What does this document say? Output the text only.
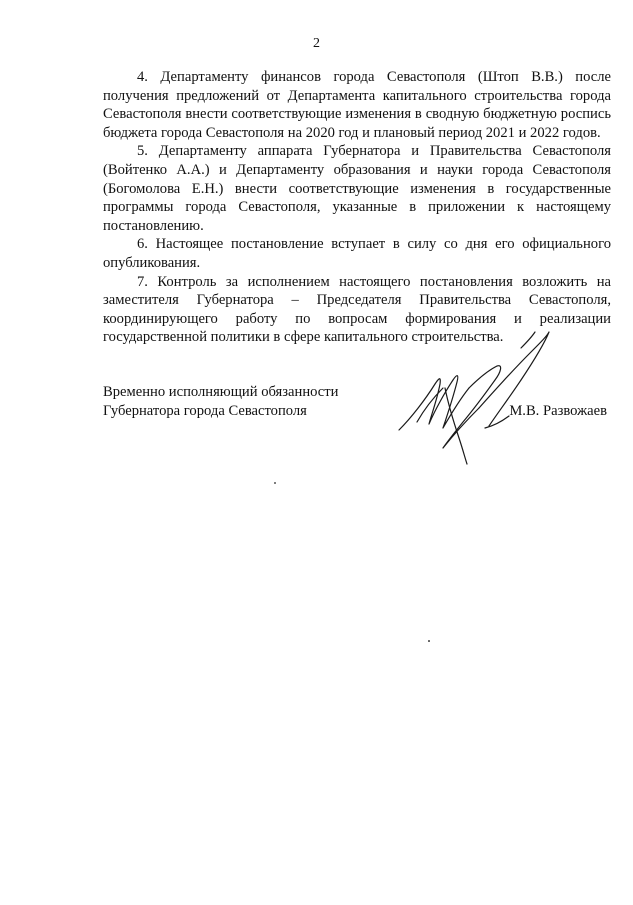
2

4. Департаменту финансов города Севастополя (Штоп В.В.) после получения предложений от Департамента капитального строительства города Севастополя внести соответствующие изменения в сводную бюджетную роспись бюджета города Севастополя на 2020 год и плановый период 2021 и 2022 годов.

5. Департаменту аппарата Губернатора и Правительства Севастополя (Войтенко А.А.) и Департаменту образования и науки города Севастополя (Богомолова Е.Н.) внести соответствующие изменения в государственные программы города Севастополя, указанные в приложении к настоящему постановлению.

6. Настоящее постановление вступает в силу со дня его официального опубликования.

7. Контроль за исполнением настоящего постановления возложить на заместителя Губернатора – Председателя Правительства Севастополя, координирующего работу по вопросам формирования и реализации государственной политики в сфере капитального строительства.

Временно исполняющий обязанности
Губернатора города Севастополя	М.В. Развожаев
